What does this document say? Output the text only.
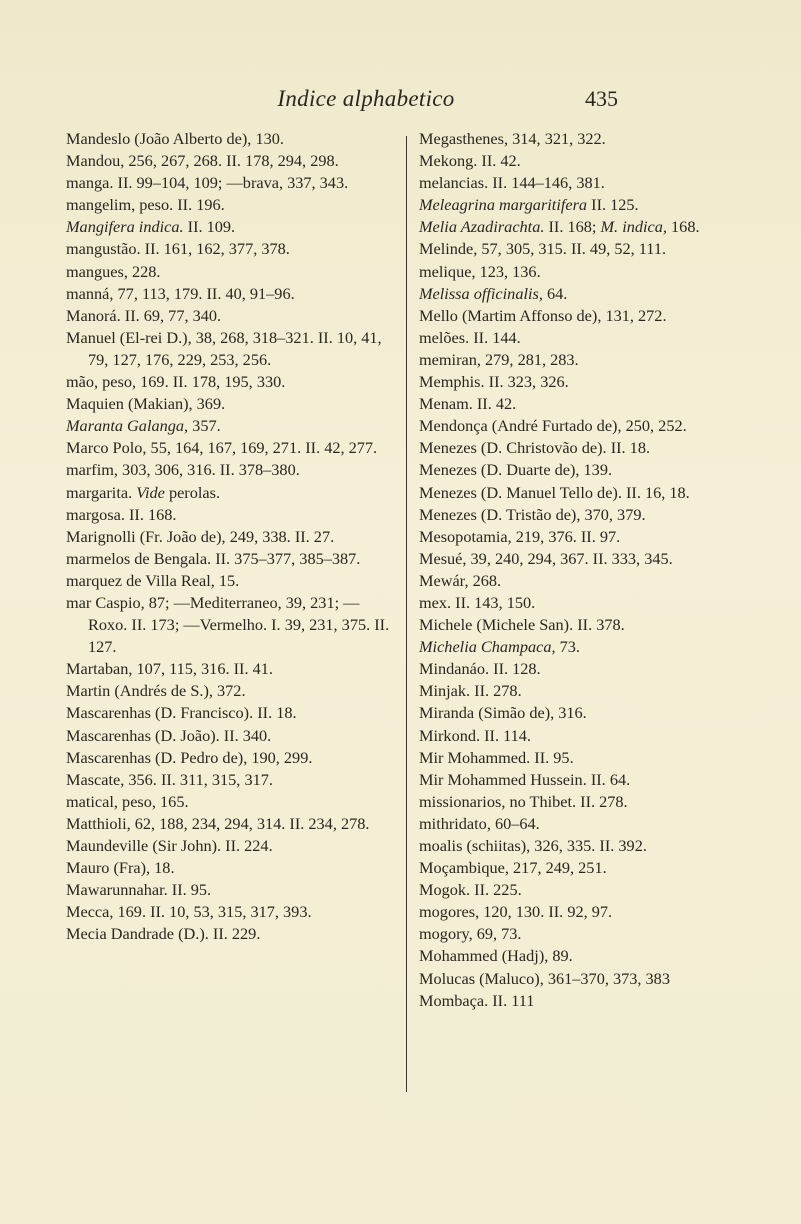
Indice alphabetico	435

Mandeslo (João Alberto de), 130.

Mandou, 256, 267, 268. II. 178, 294, 298.

manga. II. 99–104, 109; —brava, 337, 343.

mangelim, peso. II. 196.

Mangifera indica. II. 109.

mangustão. II. 161, 162, 377, 378.

mangues, 228.

manná, 77, 113, 179. II. 40, 91–96.

Manorá. II. 69, 77, 340.

Manuel (El-rei D.), 38, 268, 318–321. II. 10, 41, 79, 127, 176, 229, 253, 256.

mão, peso, 169. II. 178, 195, 330.

Maquien (Makian), 369.

Maranta Galanga, 357.

Marco Polo, 55, 164, 167, 169, 271. II. 42, 277.

marfim, 303, 306, 316. II. 378–380.

margarita. Vide perolas.

margosa. II. 168.

Marignolli (Fr. João de), 249, 338. II. 27.

marmelos de Bengala. II. 375–377, 385–387.

marquez de Villa Real, 15.

mar Caspio, 87; —Mediterraneo, 39, 231; —Roxo. II. 173; —Vermelho. I. 39, 231, 375. II. 127.

Martaban, 107, 115, 316. II. 41.

Martin (Andrés de S.), 372.

Mascarenhas (D. Francisco). II. 18.

Mascarenhas (D. João). II. 340.

Mascarenhas (D. Pedro de), 190, 299.

Mascate, 356. II. 311, 315, 317.

matical, peso, 165.

Matthioli, 62, 188, 234, 294, 314. II. 234, 278.

Maundeville (Sir John). II. 224.

Mauro (Fra), 18.

Mawarunnahar. II. 95.

Mecca, 169. II. 10, 53, 315, 317, 393.

Mecia Dandrade (D.). II. 229.

Megasthenes, 314, 321, 322.

Mekong. II. 42.

melancias. II. 144–146, 381.

Meleagrina margaritifera II. 125.

Melia Azadirachta. II. 168; M. indica, 168.

Melinde, 57, 305, 315. II. 49, 52, 111.

melique, 123, 136.

Melissa officinalis, 64.

Mello (Martim Affonso de), 131, 272.

melões. II. 144.

memiran, 279, 281, 283.

Memphis. II. 323, 326.

Menam. II. 42.

Mendonça (André Furtado de), 250, 252.

Menezes (D. Christovão de). II. 18.

Menezes (D. Duarte de), 139.

Menezes (D. Manuel Tello de). II. 16, 18.

Menezes (D. Tristão de), 370, 379.

Mesopotamia, 219, 376. II. 97.

Mesué, 39, 240, 294, 367. II. 333, 345.

Mewár, 268.

mex. II. 143, 150.

Michele (Michele San). II. 378.

Michelia Champaca, 73.

Mindanáo. II. 128.

Minjak. II. 278.

Miranda (Simão de), 316.

Mirkond. II. 114.

Mir Mohammed. II. 95.

Mir Mohammed Hussein. II. 64.

missionarios, no Thibet. II. 278.

mithridato, 60–64.

moalis (schiitas), 326, 335. II. 392.

Moçambique, 217, 249, 251.

Mogok. II. 225.

mogores, 120, 130. II. 92, 97.

mogory, 69, 73.

Mohammed (Hadj), 89.

Molucas (Maluco), 361–370, 373, 383

Mombaça. II. 111
